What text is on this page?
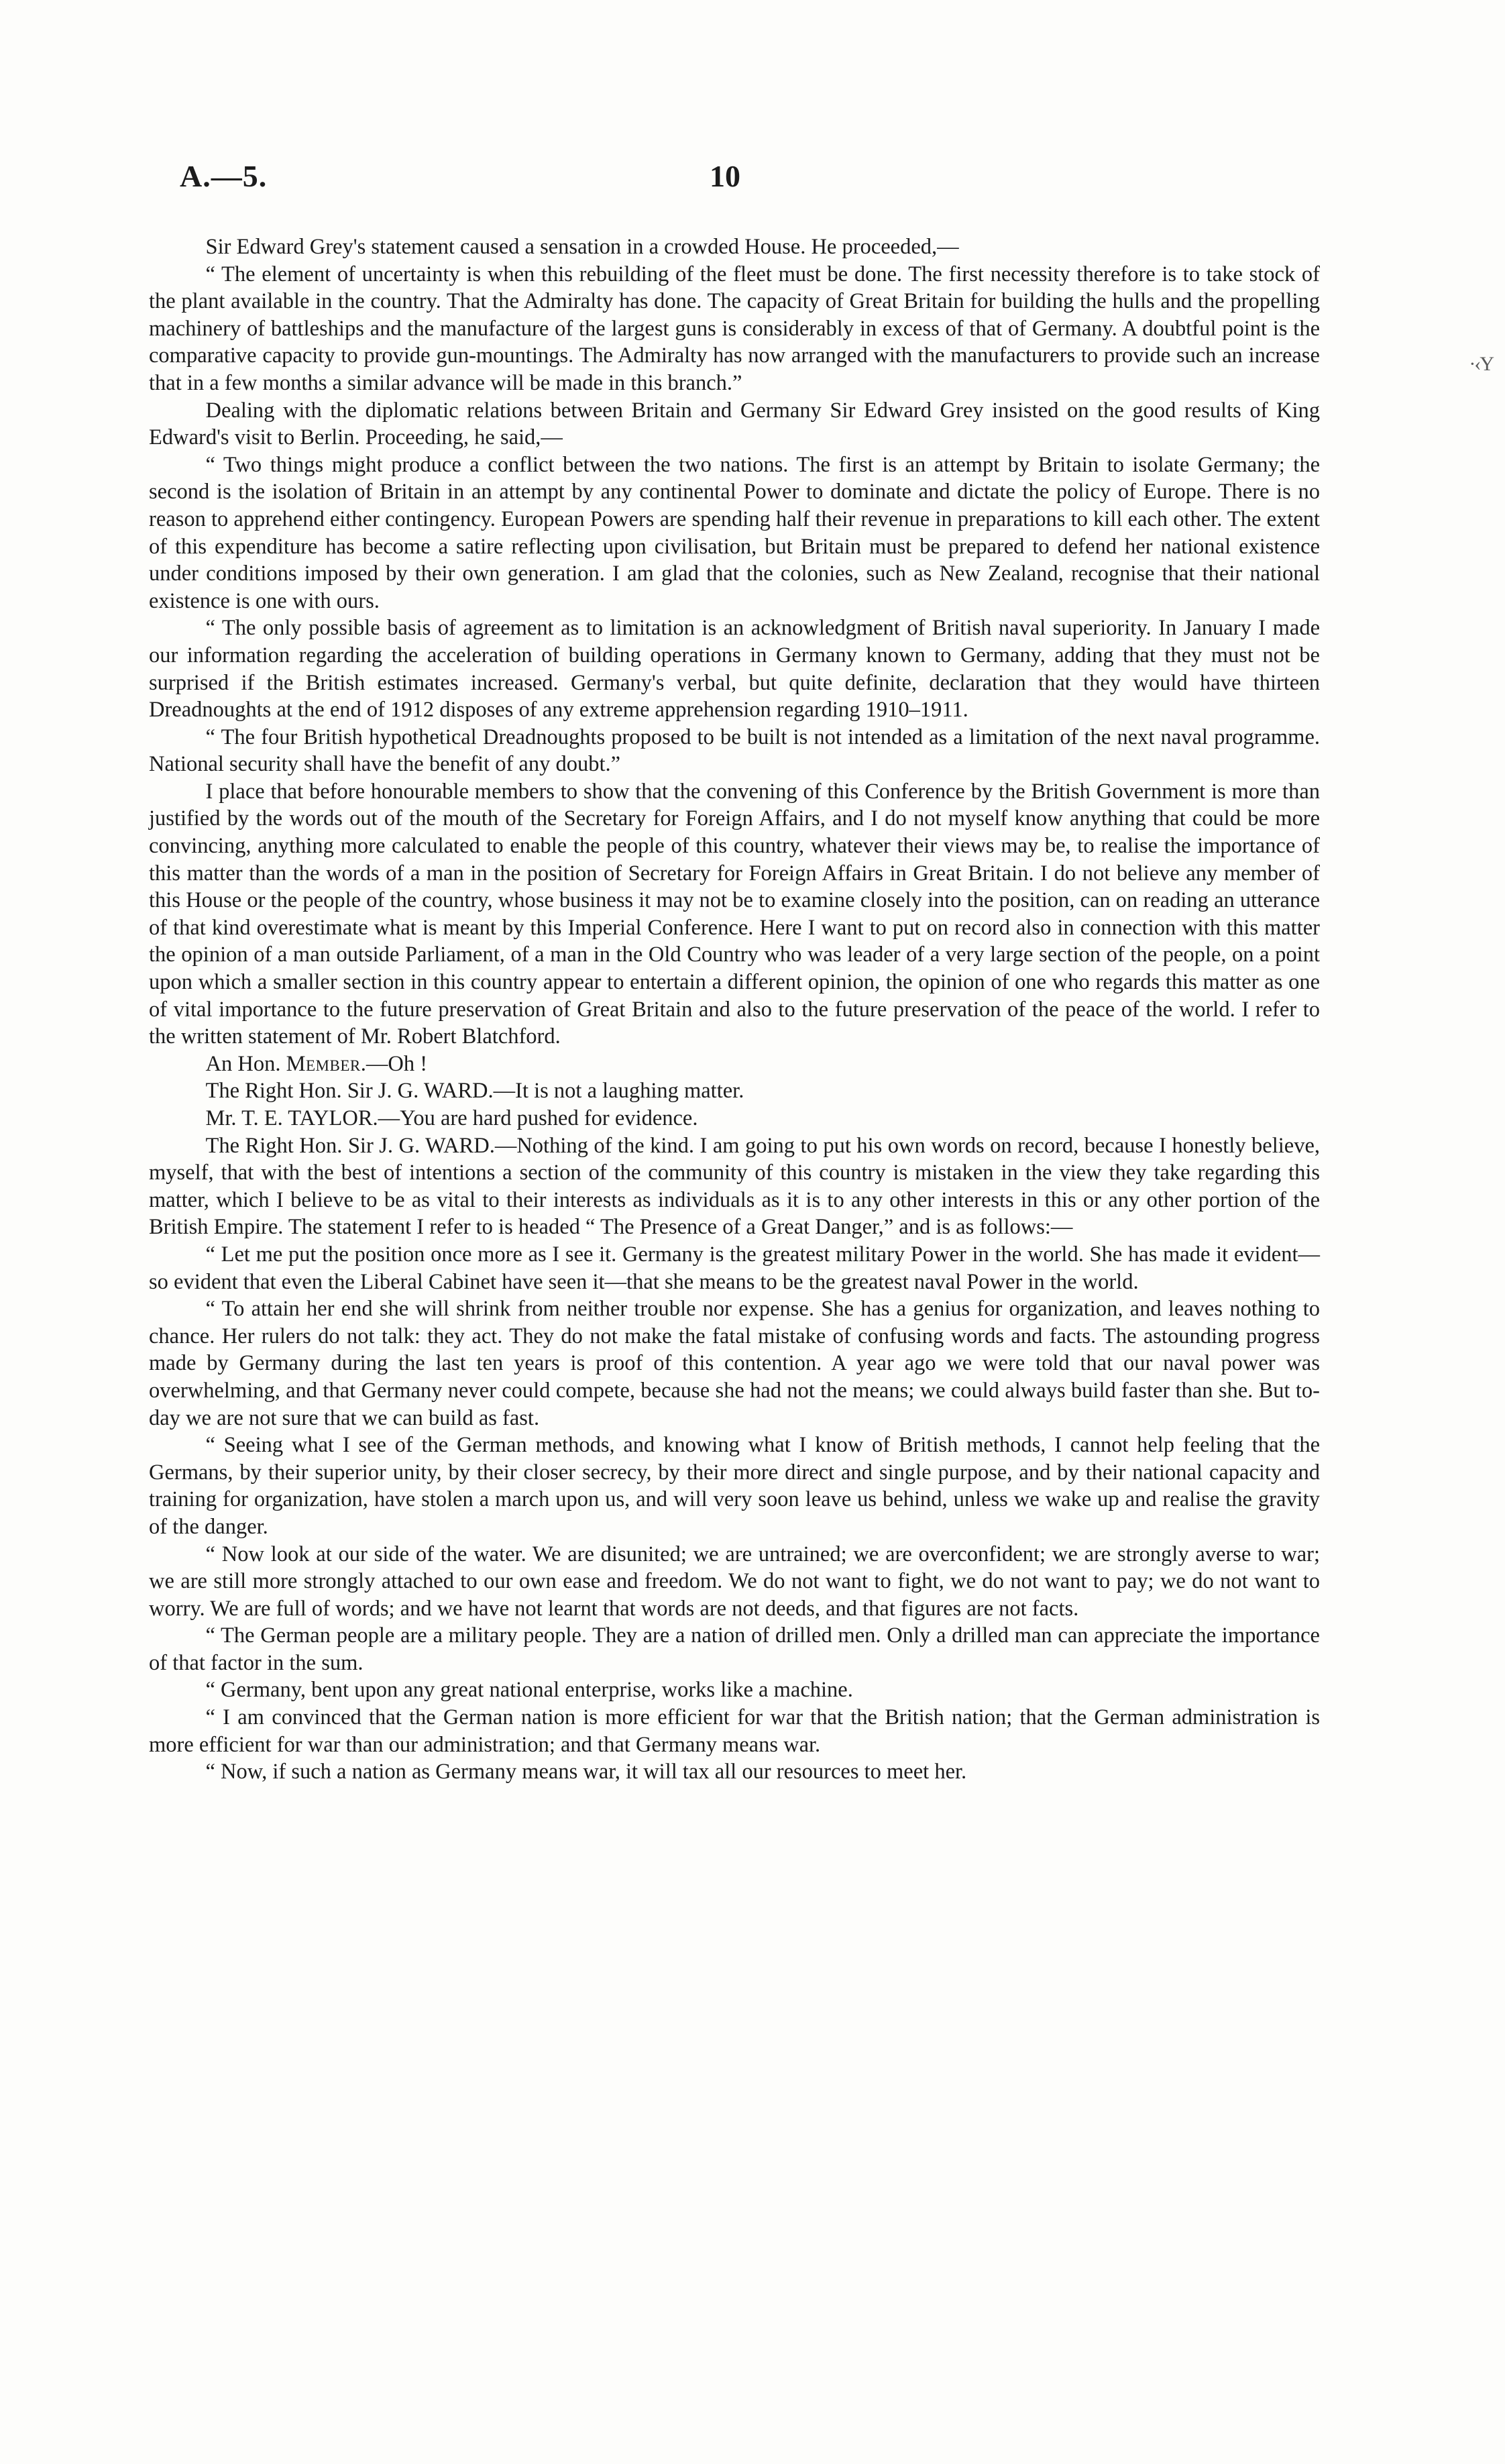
A.—5.	10
·‹Y

Sir Edward Grey's statement caused a sensation in a crowded House. He proceeded,—

“ The element of uncertainty is when this rebuilding of the fleet must be done. The first necessity therefore is to take stock of the plant available in the country. That the Admiralty has done. The capacity of Great Britain for building the hulls and the propelling machinery of battleships and the manufacture of the largest guns is considerably in excess of that of Germany. A doubtful point is the comparative capacity to provide gun-mountings. The Admiralty has now arranged with the manufacturers to provide such an increase that in a few months a similar advance will be made in this branch.”

Dealing with the diplomatic relations between Britain and Germany Sir Edward Grey insisted on the good results of King Edward's visit to Berlin. Proceeding, he said,—

“ Two things might produce a conflict between the two nations. The first is an attempt by Britain to isolate Germany; the second is the isolation of Britain in an attempt by any continental Power to dominate and dictate the policy of Europe. There is no reason to apprehend either contingency. European Powers are spending half their revenue in preparations to kill each other. The extent of this expenditure has become a satire reflecting upon civilisation, but Britain must be prepared to defend her national existence under conditions imposed by their own generation. I am glad that the colonies, such as New Zealand, recognise that their national existence is one with ours.

“ The only possible basis of agreement as to limitation is an acknowledgment of British naval superiority. In January I made our information regarding the acceleration of building operations in Germany known to Germany, adding that they must not be surprised if the British estimates increased. Germany's verbal, but quite definite, declaration that they would have thirteen Dreadnoughts at the end of 1912 disposes of any extreme apprehension regarding 1910–1911.

“ The four British hypothetical Dreadnoughts proposed to be built is not intended as a limitation of the next naval programme. National security shall have the benefit of any doubt.”

I place that before honourable members to show that the convening of this Conference by the British Government is more than justified by the words out of the mouth of the Secretary for Foreign Affairs, and I do not myself know anything that could be more convincing, anything more calculated to enable the people of this country, whatever their views may be, to realise the importance of this matter than the words of a man in the position of Secretary for Foreign Affairs in Great Britain. I do not believe any member of this House or the people of the country, whose business it may not be to examine closely into the position, can on reading an utterance of that kind overestimate what is meant by this Imperial Conference. Here I want to put on record also in connection with this matter the opinion of a man outside Parliament, of a man in the Old Country who was leader of a very large section of the people, on a point upon which a smaller section in this country appear to entertain a different opinion, the opinion of one who regards this matter as one of vital importance to the future preservation of Great Britain and also to the future preservation of the peace of the world. I refer to the written statement of Mr. Robert Blatchford.

An Hon. Member.—Oh !

The Right Hon. Sir J. G. WARD.—It is not a laughing matter.

Mr. T. E. TAYLOR.—You are hard pushed for evidence.

The Right Hon. Sir J. G. WARD.—Nothing of the kind. I am going to put his own words on record, because I honestly believe, myself, that with the best of intentions a section of the community of this country is mistaken in the view they take regarding this matter, which I believe to be as vital to their interests as individuals as it is to any other interests in this or any other portion of the British Empire. The statement I refer to is headed “ The Presence of a Great Danger,” and is as follows:—

“ Let me put the position once more as I see it. Germany is the greatest military Power in the world. She has made it evident—so evident that even the Liberal Cabinet have seen it—that she means to be the greatest naval Power in the world.

“ To attain her end she will shrink from neither trouble nor expense. She has a genius for organization, and leaves nothing to chance. Her rulers do not talk: they act. They do not make the fatal mistake of confusing words and facts. The astounding progress made by Germany during the last ten years is proof of this contention. A year ago we were told that our naval power was overwhelming, and that Germany never could compete, because she had not the means; we could always build faster than she. But to-day we are not sure that we can build as fast.

“ Seeing what I see of the German methods, and knowing what I know of British methods, I cannot help feeling that the Germans, by their superior unity, by their closer secrecy, by their more direct and single purpose, and by their national capacity and training for organization, have stolen a march upon us, and will very soon leave us behind, unless we wake up and realise the gravity of the danger.

“ Now look at our side of the water. We are disunited; we are untrained; we are overconfident; we are strongly averse to war; we are still more strongly attached to our own ease and freedom. We do not want to fight, we do not want to pay; we do not want to worry. We are full of words; and we have not learnt that words are not deeds, and that figures are not facts.

“ The German people are a military people. They are a nation of drilled men. Only a drilled man can appreciate the importance of that factor in the sum.

“ Germany, bent upon any great national enterprise, works like a machine.

“ I am convinced that the German nation is more efficient for war that the British nation; that the German administration is more efficient for war than our administration; and that Germany means war.

“ Now, if such a nation as Germany means war, it will tax all our resources to meet her.
